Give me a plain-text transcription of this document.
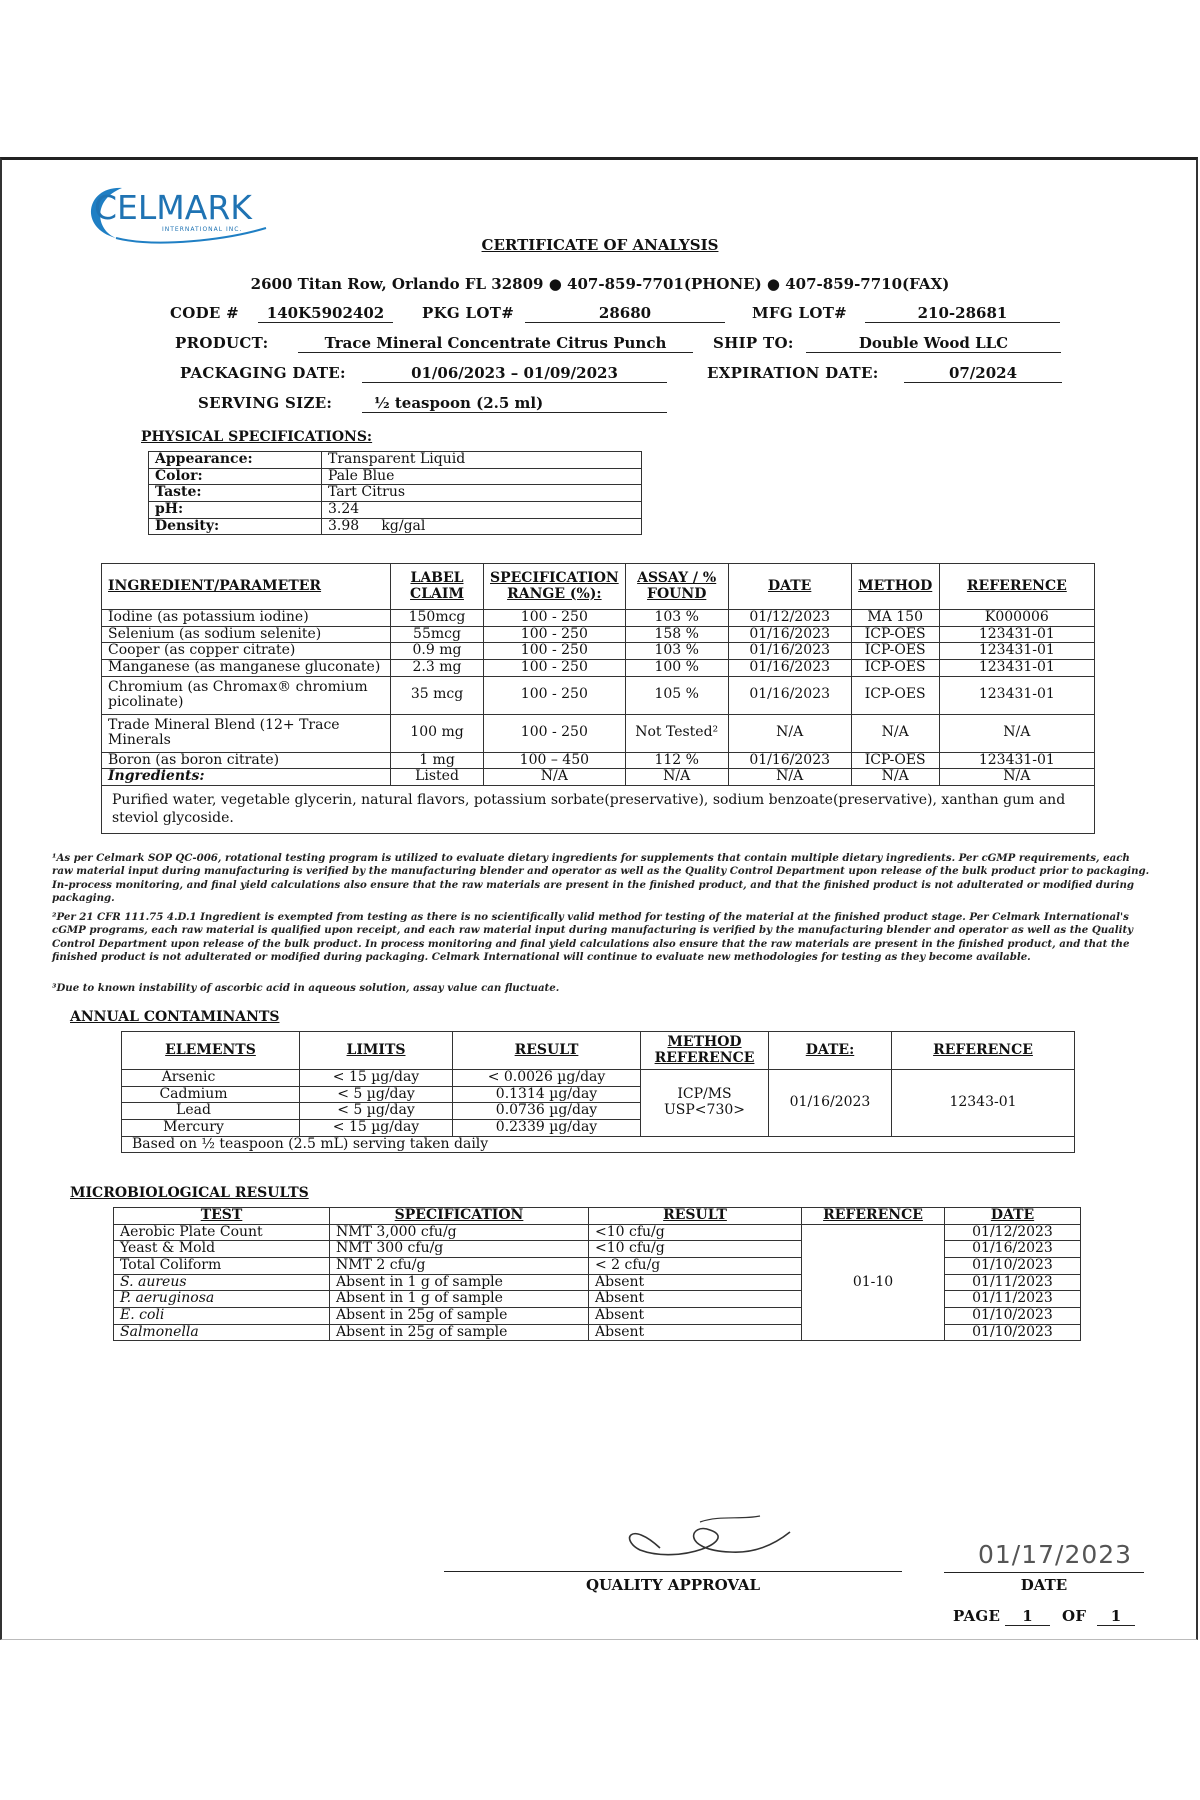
CELMARK
INTERNATIONAL INC.
CERTIFICATE OF ANALYSIS
2600 Titan Row, Orlando FL 32809 ● 407-859-7701(PHONE) ● 407-859-7710(FAX)
CODE #	140K5902402	PKG LOT#	28680	MFG LOT#	210-28681
PRODUCT:	Trace Mineral Concentrate Citrus Punch	SHIP TO:	Double Wood LLC
PACKAGING DATE:	01/06/2023 – 01/09/2023	EXPIRATION DATE:	07/2024
SERVING SIZE:	½ teaspoon (2.5 ml)
PHYSICAL SPECIFICATIONS:
Appearance:	Transparent Liquid
Color:	Pale Blue
Taste:	Tart Citrus
pH:	3.24
Density:	3.98     kg/gal
INGREDIENT/PARAMETER	LABEL CLAIM	SPECIFICATION RANGE (%):	ASSAY / % FOUND	DATE	METHOD	REFERENCE
Iodine (as potassium iodine)	150mcg	100 - 250	103 %	01/12/2023	MA 150	K000006
Selenium (as sodium selenite)	55mcg	100 - 250	158 %	01/16/2023	ICP-OES	123431-01
Cooper (as copper citrate)	0.9 mg	100 - 250	103 %	01/16/2023	ICP-OES	123431-01
Manganese (as manganese gluconate)	2.3 mg	100 - 250	100 %	01/16/2023	ICP-OES	123431-01
Chromium (as Chromax® chromium picolinate)	35 mcg	100 - 250	105 %	01/16/2023	ICP-OES	123431-01
Trade Mineral Blend (12+ Trace Minerals	100 mg	100 - 250	Not Tested²	N/A	N/A	N/A
Boron (as boron citrate)	1 mg	100 – 450	112 %	01/16/2023	ICP-OES	123431-01
Ingredients:	Listed	N/A	N/A	N/A	N/A	N/A
Purified water, vegetable glycerin, natural flavors, potassium sorbate(preservative), sodium benzoate(preservative), xanthan gum and steviol glycoside.						
¹As per Celmark SOP QC-006, rotational testing program is utilized to evaluate dietary ingredients for supplements that contain multiple dietary ingredients. Per cGMP requirements, each raw material input during manufacturing is verified by the manufacturing blender and operator as well as the Quality Control Department upon release of the bulk product prior to packaging. In-process monitoring, and final yield calculations also ensure that the raw materials are present in the finished product, and that the finished product is not adulterated or modified during packaging.
²Per 21 CFR 111.75 4.D.1 Ingredient is exempted from testing as there is no scientifically valid method for testing of the material at the finished product stage. Per Celmark International's cGMP programs, each raw material is qualified upon receipt, and each raw material input during manufacturing is verified by the manufacturing blender and operator as well as the Quality Control Department upon release of the bulk product. In process monitoring and final yield calculations also ensure that the raw materials are present in the finished product, and that the finished product is not adulterated or modified during packaging. Celmark International will continue to evaluate new methodologies for testing as they become available.
³Due to known instability of ascorbic acid in aqueous solution, assay value can fluctuate.
ANNUAL CONTAMINANTS
ELEMENTS	LIMITS	RESULT	METHOD REFERENCE	DATE:	REFERENCE
Arsenic	< 15 µg/day	< 0.0026 µg/day	ICP/MS USP<730>	01/16/2023	12343-01
Cadmium	< 5 µg/day	0.1314 µg/day			
Lead	< 5 µg/day	0.0736 µg/day			
Mercury	< 15 µg/day	0.2339 µg/day			
Based on ½ teaspoon (2.5 mL) serving taken daily					
MICROBIOLOGICAL RESULTS
TEST	SPECIFICATION	RESULT	REFERENCE	DATE
Aerobic Plate Count	NMT 3,000 cfu/g	<10 cfu/g	01-10	01/12/2023
Yeast & Mold	NMT 300 cfu/g	<10 cfu/g		01/16/2023
Total Coliform	NMT 2 cfu/g	< 2 cfu/g		01/10/2023
S. aureus	Absent in 1 g of sample	Absent		01/11/2023
P. aeruginosa	Absent in 1 g of sample	Absent		01/11/2023
E. coli	Absent in 25g of sample	Absent		01/10/2023
Salmonella	Absent in 25g of sample	Absent		01/10/2023
QUALITY APPROVAL
01/17/2023
DATE
PAGE	1	OF	1
